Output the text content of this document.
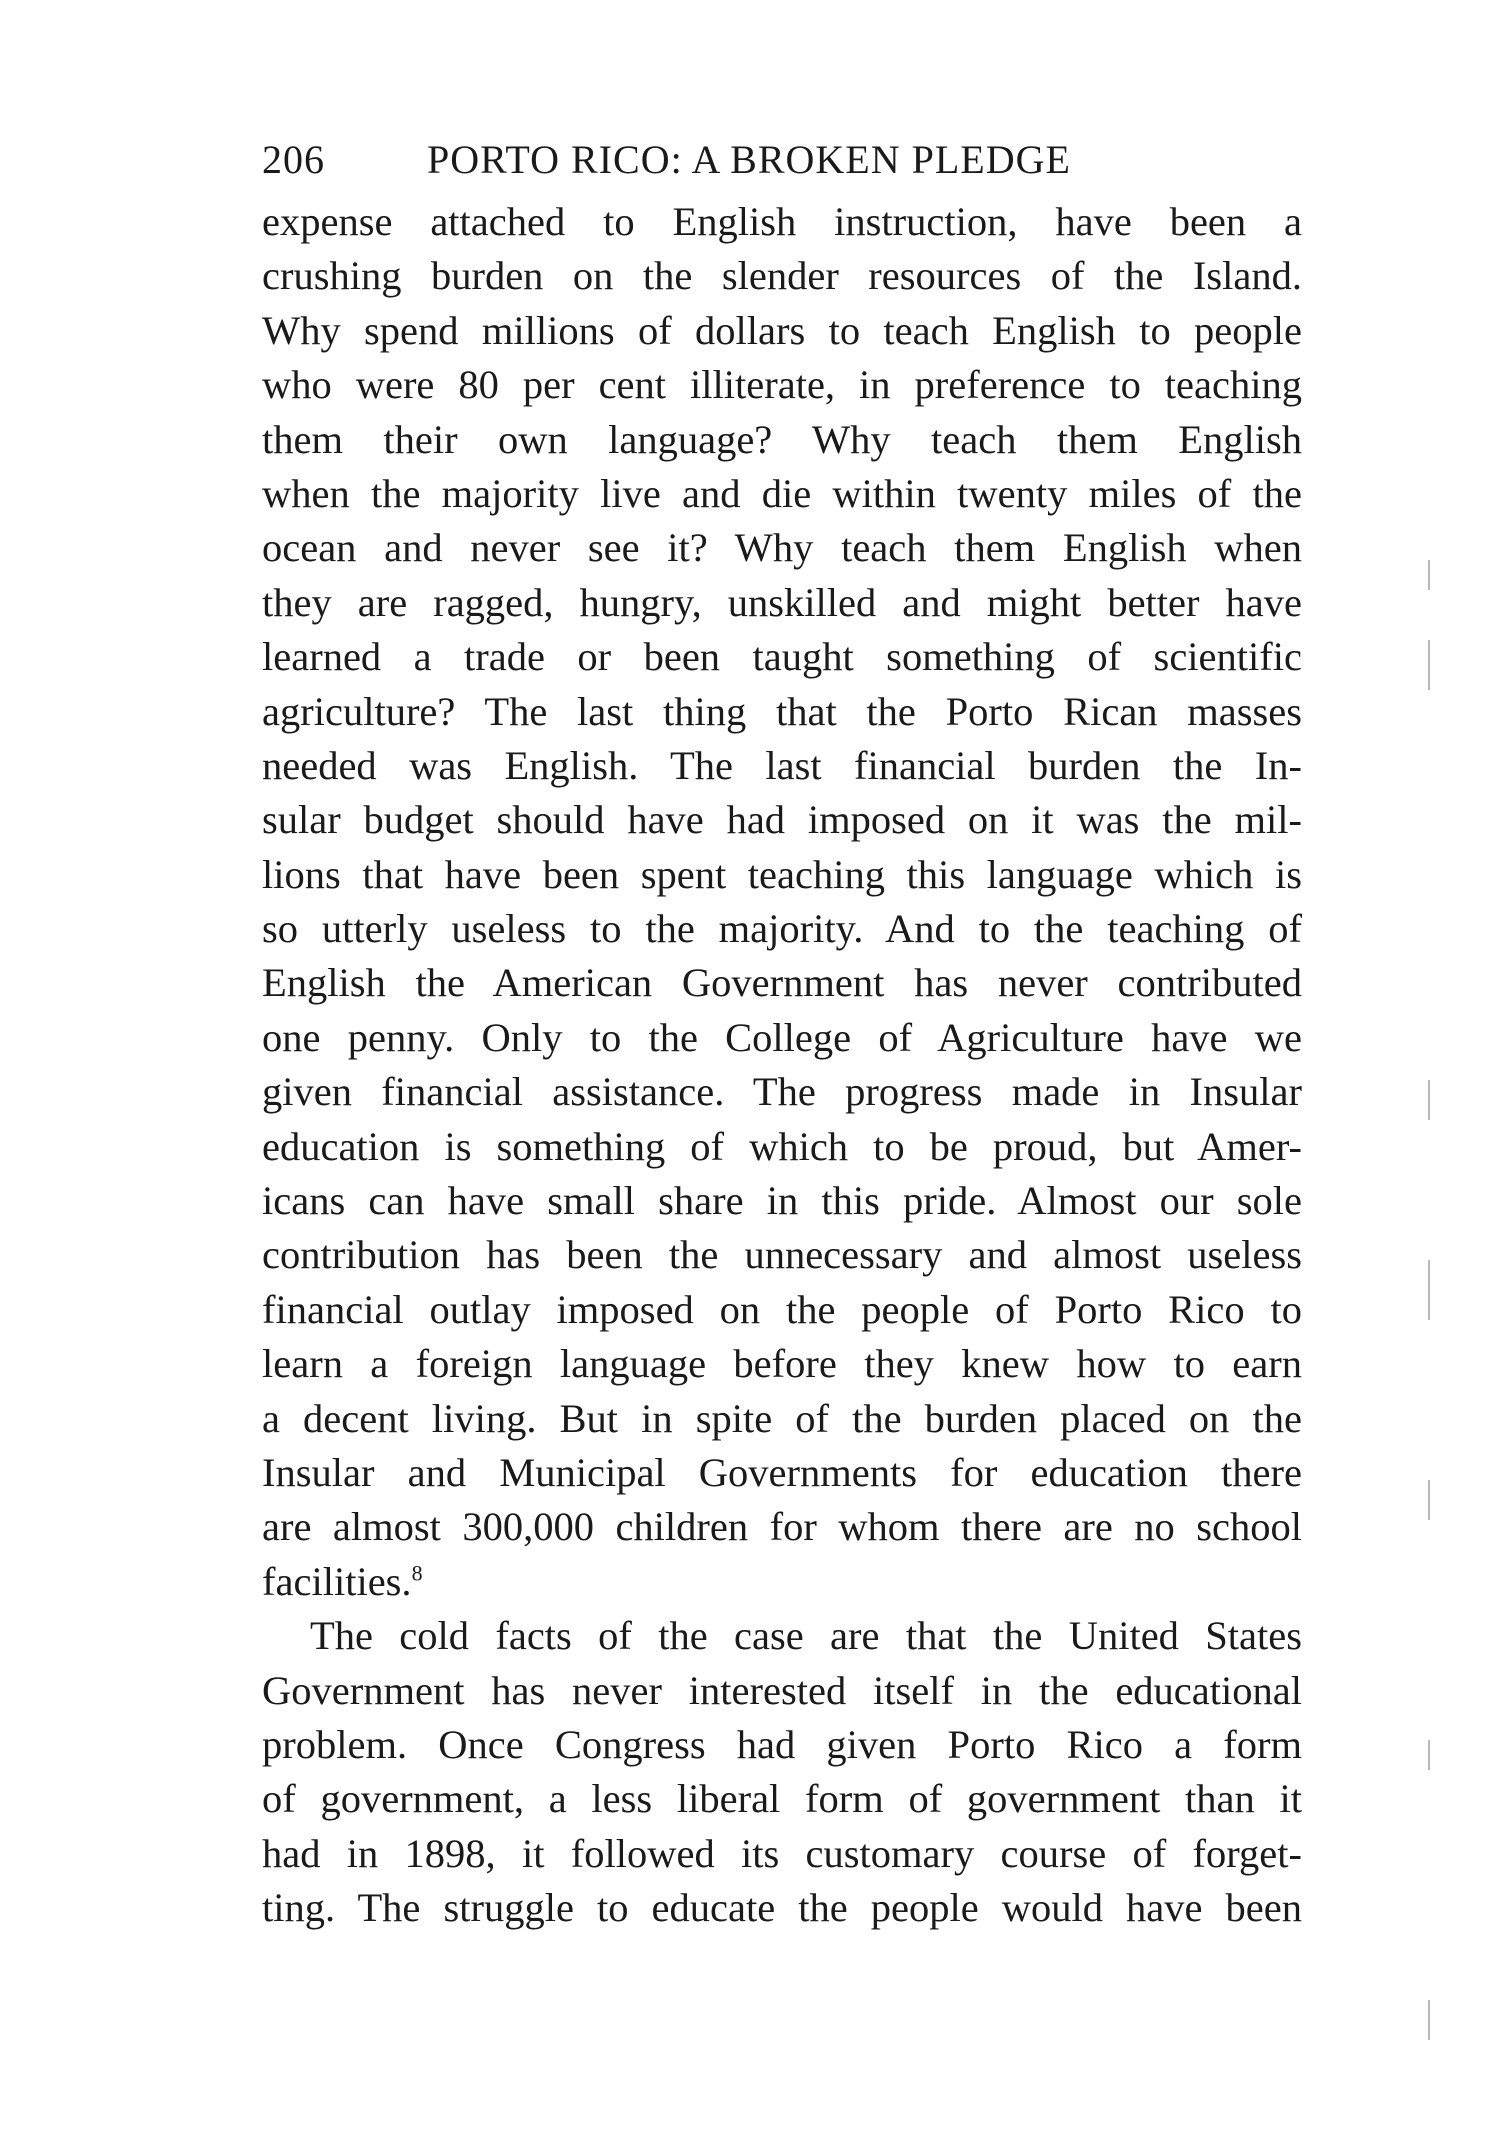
206	PORTO RICO: A BROKEN PLEDGE
expense attached to English instruction, have been a
crushing burden on the slender resources of the Island.
Why spend millions of dollars to teach English to people
who were 80 per cent illiterate, in preference to teaching
them their own language? Why teach them English
when the majority live and die within twenty miles of the
ocean and never see it? Why teach them English when
they are ragged, hungry, unskilled and might better have
learned a trade or been taught something of scientific
agriculture? The last thing that the Porto Rican masses
needed was English. The last financial burden the In-
sular budget should have had imposed on it was the mil-
lions that have been spent teaching this language which is
so utterly useless to the majority. And to the teaching of
English the American Government has never contributed
one penny. Only to the College of Agriculture have we
given financial assistance. The progress made in Insular
education is something of which to be proud, but Amer-
icans can have small share in this pride. Almost our sole
contribution has been the unnecessary and almost useless
financial outlay imposed on the people of Porto Rico to
learn a foreign language before they knew how to earn
a decent living. But in spite of the burden placed on the
Insular and Municipal Governments for education there
are almost 300,000 children for whom there are no school
facilities.$^8$
The cold facts of the case are that the United States
Government has never interested itself in the educational
problem. Once Congress had given Porto Rico a form
of government, a less liberal form of government than it
had in 1898, it followed its customary course of forget-
ting. The struggle to educate the people would have been
